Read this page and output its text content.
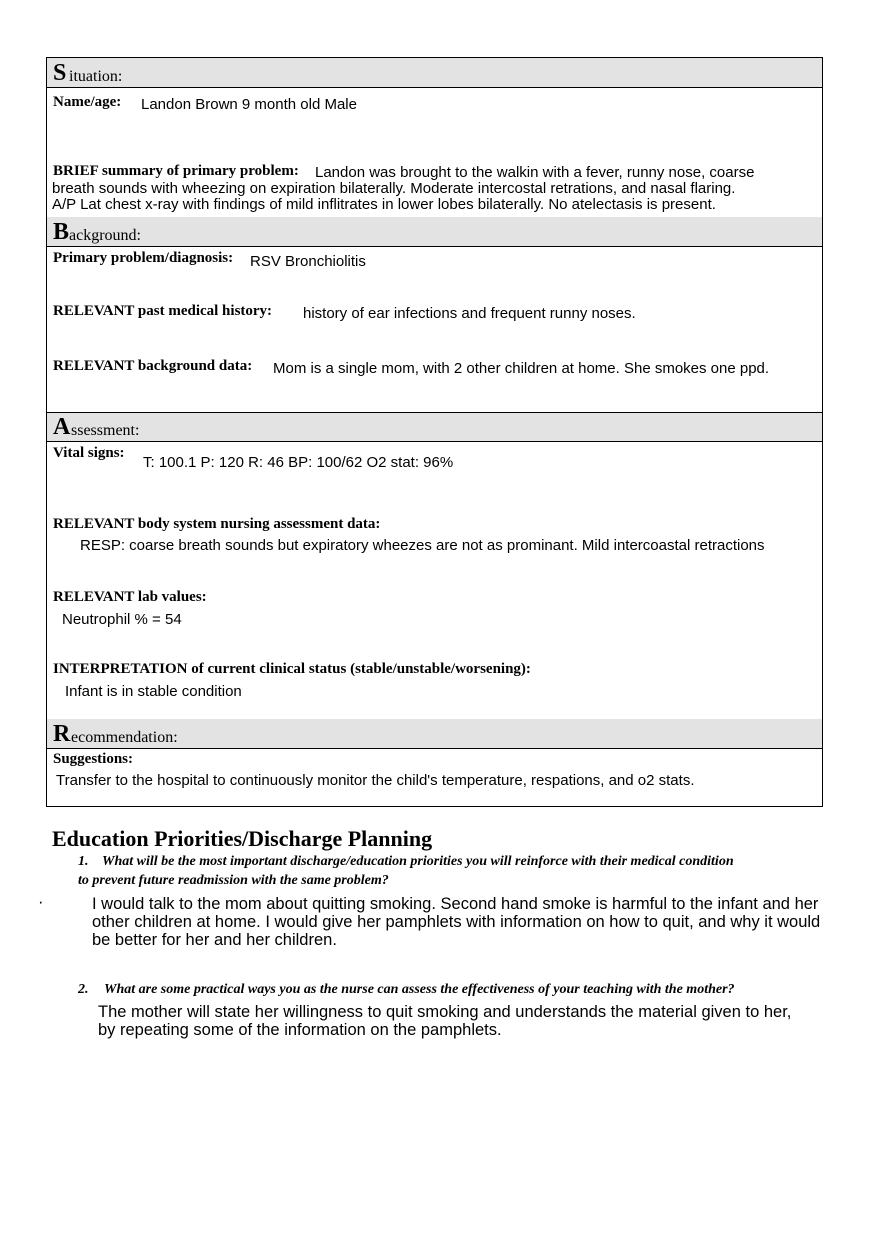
S ituation:
Name/age: Landon Brown 9 month old Male
BRIEF summary of primary problem: Landon was brought to the walkin with a fever, runny nose, coarse
breath sounds with wheezing on expiration bilaterally. Moderate intercostal retrations, and nasal flaring.
A/P Lat chest x-ray with findings of mild inflitrates in lower lobes bilaterally. No atelectasis is present.
B ackground:
Primary problem/diagnosis: RSV Bronchiolitis
RELEVANT past medical history: history of ear infections and frequent runny noses.
RELEVANT background data: Mom is a single mom, with 2 other children at home. She smokes one ppd.
A ssessment:
Vital signs:
T: 100.1 P: 120 R: 46 BP: 100/62 O2 stat: 96%
RELEVANT body system nursing assessment data:
RESP: coarse breath sounds but expiratory wheezes are not as prominant. Mild intercoastal retractions
RELEVANT lab values:
Neutrophil % = 54
INTERPRETATION of current clinical status (stable/unstable/worsening):
Infant is in stable condition
R ecommendation:
Suggestions:
Transfer to the hospital to continuously monitor the child's temperature, respations, and o2 stats.
Education Priorities/Discharge Planning
1. What will be the most important discharge/education priorities you will reinforce with their medical condition
to prevent future readmission with the same problem?
·	I would talk to the mom about quitting smoking. Second hand smoke is harmful to the infant and her
other children at home. I would give her pamphlets with information on how to quit, and why it would
be better for her and her children.
2. What are some practical ways you as the nurse can assess the effectiveness of your teaching with the mother?
The mother will state her willingness to quit smoking and understands the material given to her,
by repeating some of the information on the pamphlets.
